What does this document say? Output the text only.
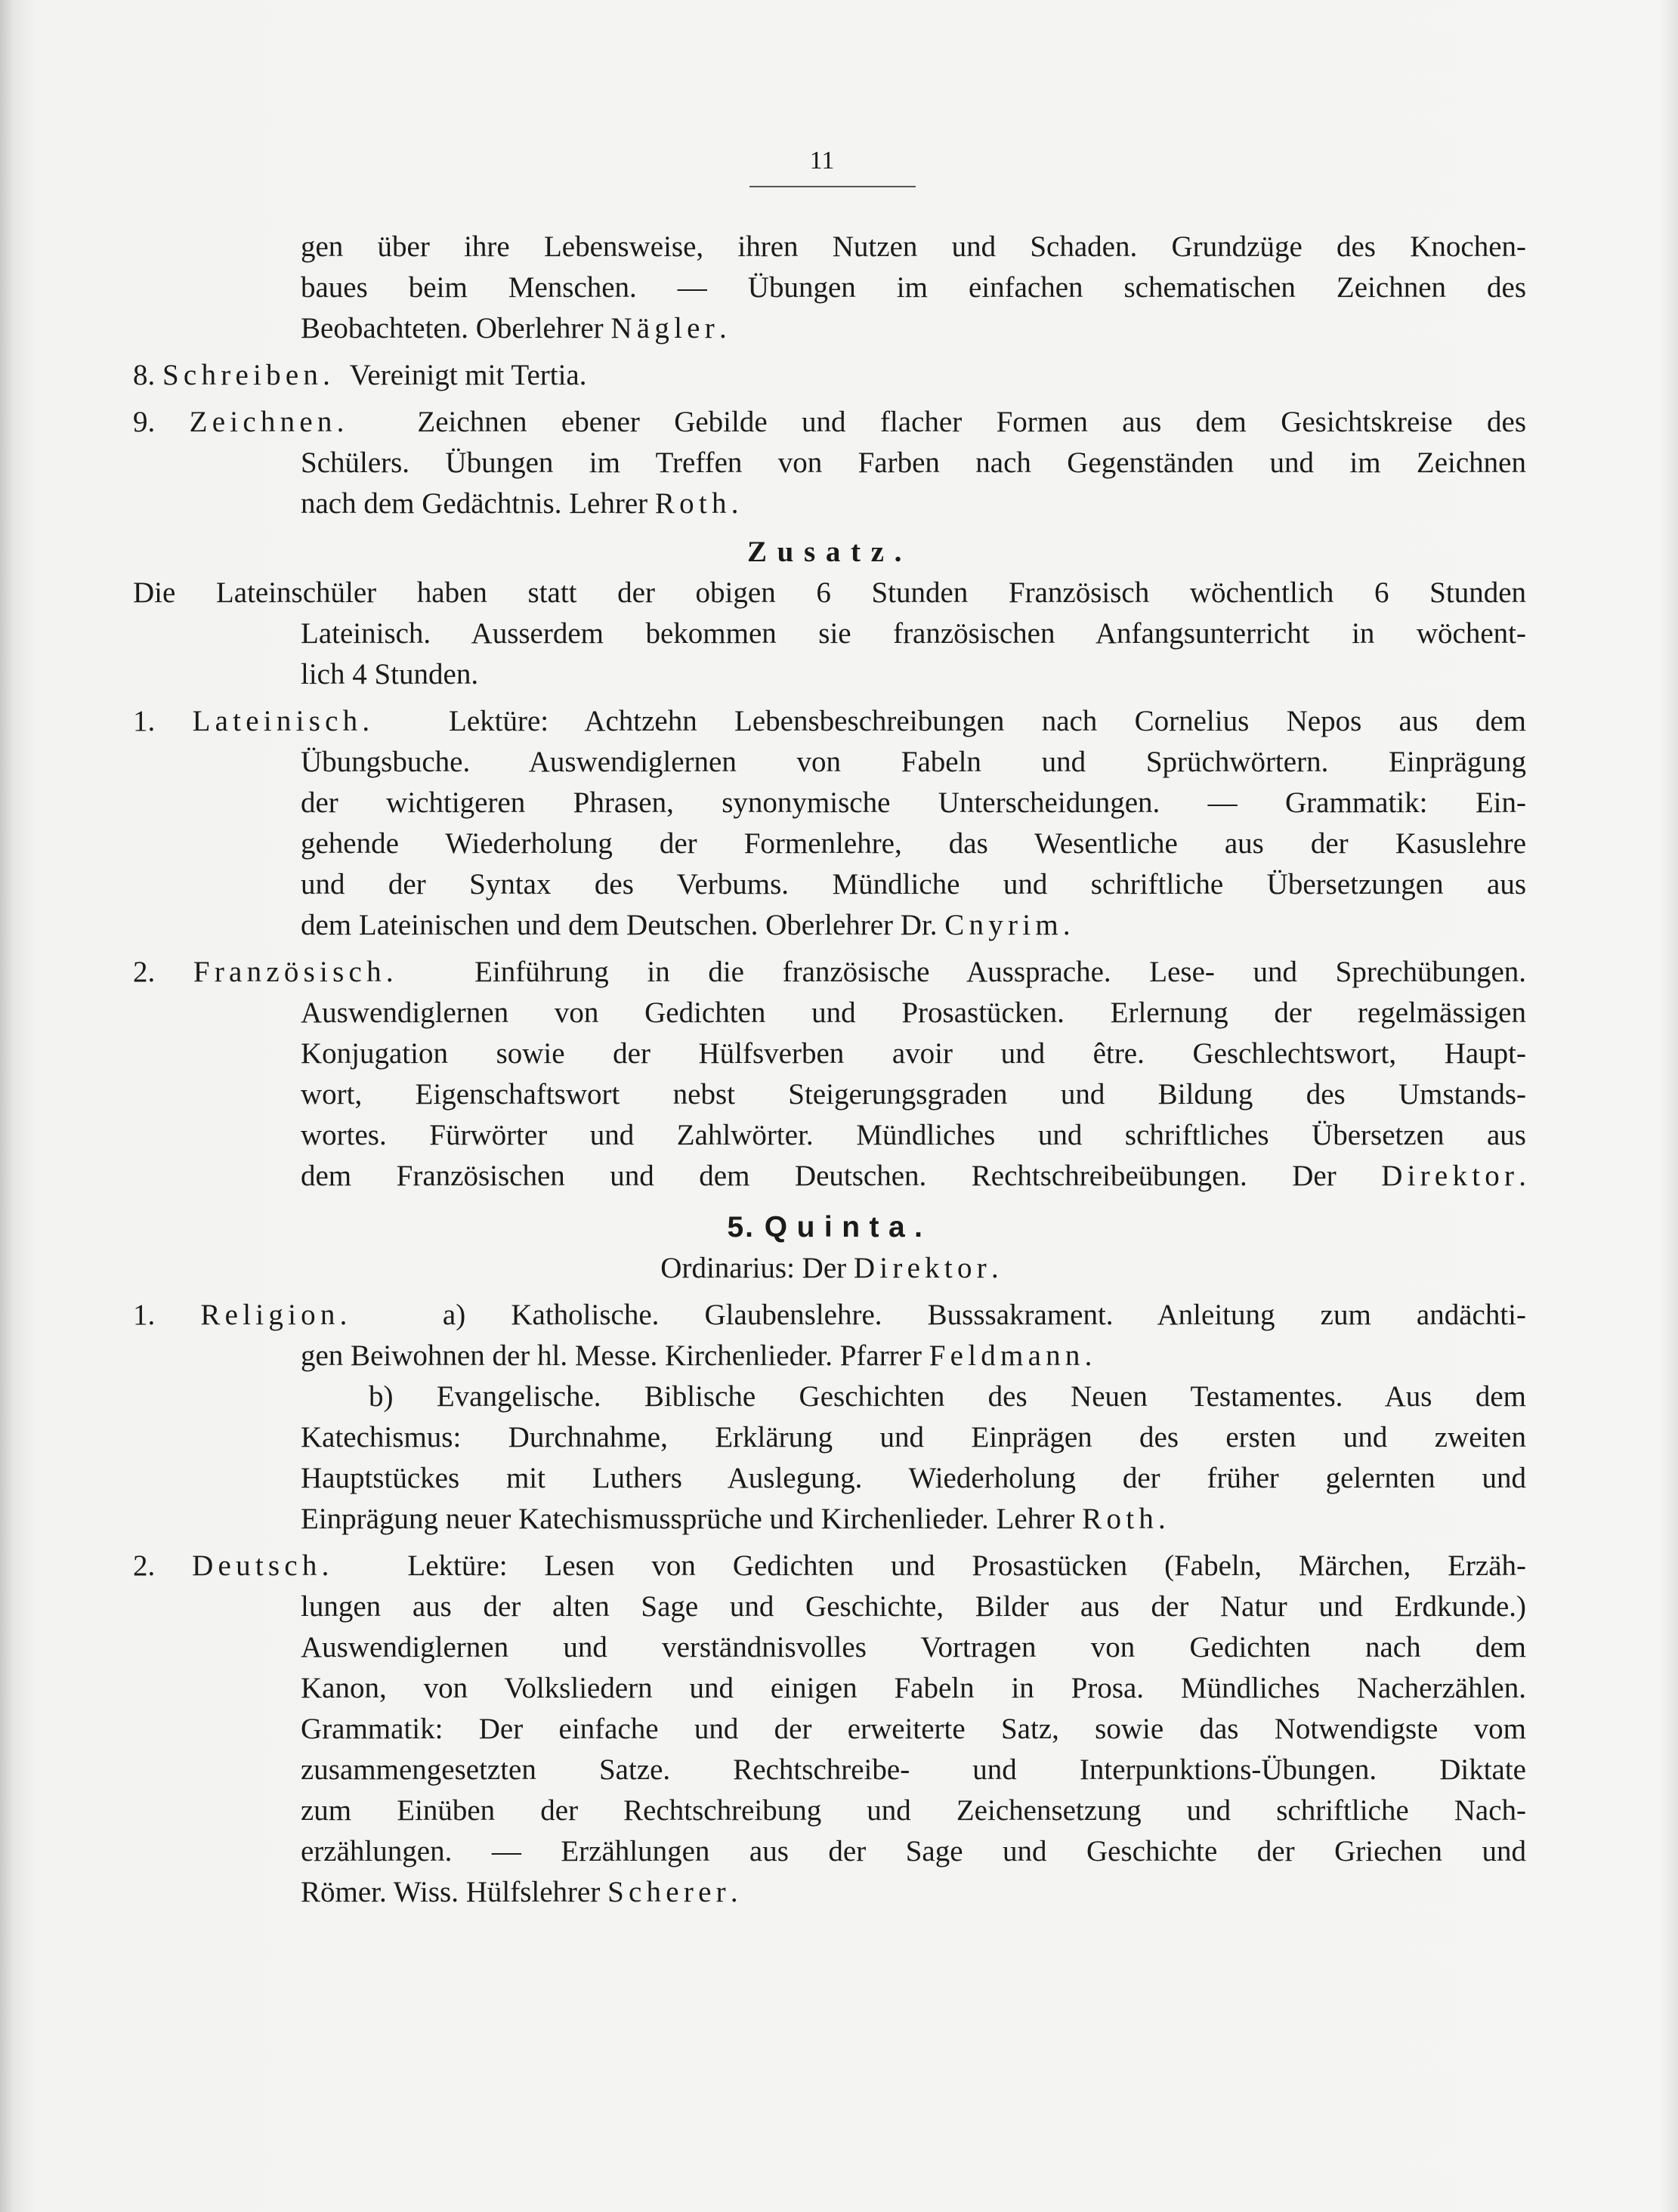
11

gen über ihre Lebensweise, ihren Nutzen und Schaden. Grundzüge des Knochen-

baues beim Menschen. — Übungen im einfachen schematischen Zeichnen des

Beobachteten. Oberlehrer Nägler.

8. Schreiben. Vereinigt mit Tertia.

9. Zeichnen. Zeichnen ebener Gebilde und flacher Formen aus dem Gesichtskreise des

Schülers. Übungen im Treffen von Farben nach Gegenständen und im Zeichnen

nach dem Gedächtnis. Lehrer Roth.

Zusatz.

Die Lateinschüler haben statt der obigen 6 Stunden Französisch wöchentlich 6 Stunden

Lateinisch. Ausserdem bekommen sie französischen Anfangsunterricht in wöchent-

lich 4 Stunden.

1. Lateinisch.	Lektüre: Achtzehn Lebensbeschreibungen nach Cornelius Nepos aus dem

Übungsbuche. Auswendiglernen von Fabeln und Sprüchwörtern. Einprägung

der wichtigeren Phrasen, synonymische Unterscheidungen. — Grammatik: Ein-

gehende Wiederholung der Formenlehre, das Wesentliche aus der Kasuslehre

und der Syntax des Verbums. Mündliche und schriftliche Übersetzungen aus

dem Lateinischen und dem Deutschen. Oberlehrer Dr. Cnyrim.

2. Französisch.	Einführung in die französische Aussprache. Lese- und Sprechübungen.

Auswendiglernen von Gedichten und Prosastücken. Erlernung der regelmässigen

Konjugation sowie der Hülfsverben avoir und être. Geschlechtswort, Haupt-

wort, Eigenschaftswort nebst Steigerungsgraden und Bildung des Umstands-

wortes. Fürwörter und Zahlwörter. Mündliches und schriftliches Übersetzen aus

dem Französischen und dem Deutschen. Rechtschreibeübungen. Der Direktor.

5. Quinta.

Ordinarius: Der Direktor.

1. Religion.	a) Katholische. Glaubenslehre. Busssakrament. Anleitung zum andächti-

gen Beiwohnen der hl. Messe. Kirchenlieder. Pfarrer Feldmann.

b) Evangelische. Biblische Geschichten des Neuen Testamentes. Aus dem

Katechismus: Durchnahme, Erklärung und Einprägen des ersten und zweiten

Hauptstückes mit Luthers Auslegung. Wiederholung der früher gelernten und

Einprägung neuer Katechismussprüche und Kirchenlieder. Lehrer Roth.

2. Deutsch.	Lektüre: Lesen von Gedichten und Prosastücken (Fabeln, Märchen, Erzäh-

lungen aus der alten Sage und Geschichte, Bilder aus der Natur und Erdkunde.)

Auswendiglernen und verständnisvolles Vortragen von Gedichten nach dem

Kanon, von Volksliedern und einigen Fabeln in Prosa. Mündliches Nacherzählen.

Grammatik: Der einfache und der erweiterte Satz, sowie das Notwendigste vom

zusammengesetzten Satze. Rechtschreibe- und Interpunktions-Übungen. Diktate

zum Einüben der Rechtschreibung und Zeichensetzung und schriftliche Nach-

erzählungen. — Erzählungen aus der Sage und Geschichte der Griechen und

Römer. Wiss. Hülfslehrer Scherer.
